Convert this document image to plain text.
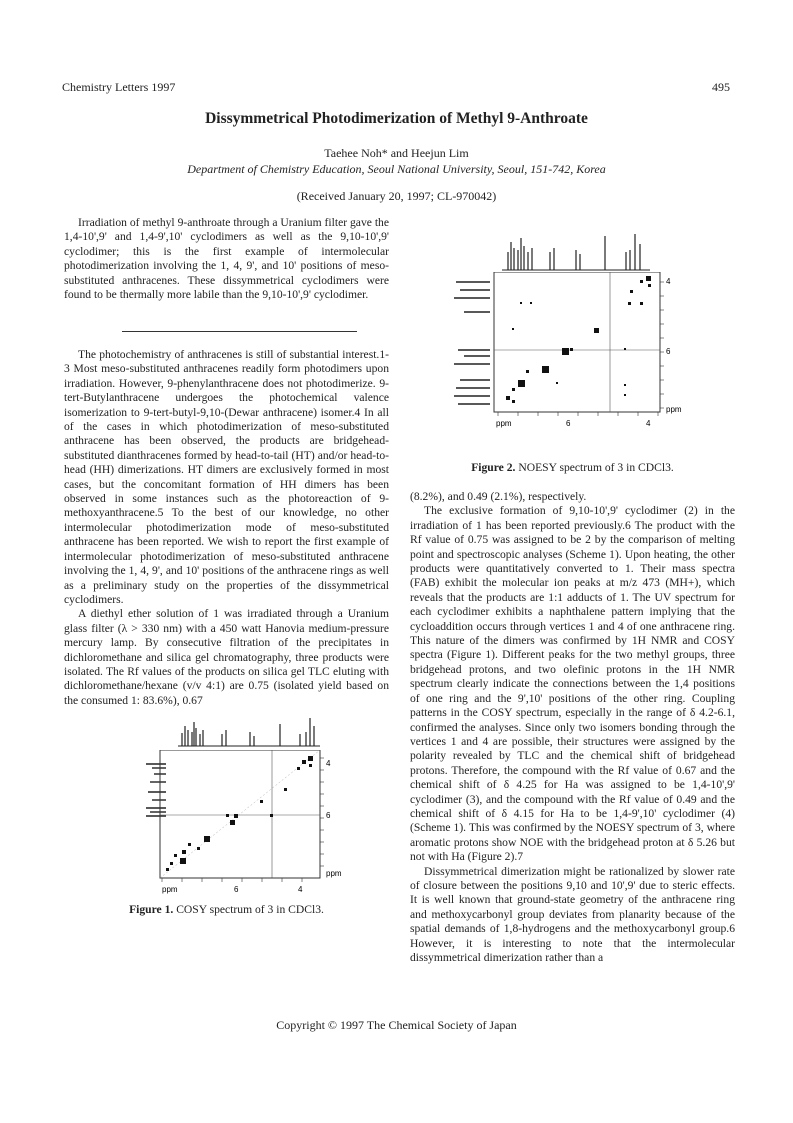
Chemistry Letters 1997	495
Dissymmetrical Photodimerization of Methyl 9-Anthroate
Taehee Noh* and Heejun Lim
Department of Chemistry Education, Seoul National University, Seoul, 151-742, Korea
(Received January 20, 1997; CL-970042)

Irradiation of methyl 9-anthroate through a Uranium filter gave the 1,4-10',9' and 1,4-9',10' cyclodimers as well as the 9,10-10',9' cyclodimer; this is the first example of intermolecular photodimerization involving the 1, 4, 9', and 10' positions of meso-substituted anthracenes. These dissymmetrical cyclodimers were found to be thermally more labile than the 9,10-10',9' cyclodimer.

The photochemistry of anthracenes is still of substantial interest.1-3 Most meso-substituted anthracenes readily form photodimers upon irradiation. However, 9-phenylanthracene does not photodimerize. 9-tert-Butylanthracene undergoes the photochemical valence isomerization to 9-tert-butyl-9,10-(Dewar anthracene) isomer.4 In all of the cases in which photodimerization of meso-substituted anthracene has been observed, the products are bridgehead-substituted dianthracenes formed by head-to-tail (HT) and/or head-to-head (HH) dimerizations. HT dimers are exclusively formed in most cases, but the concomitant formation of HH dimers has been observed in some instances such as the photoreaction of 9-methoxyanthracene.5 To the best of our knowledge, no other intermolecular photodimerization mode of meso-substituted anthracene has been reported. We wish to report the first example of intermolecular photodimerization of meso-substituted anthracene involving the 1, 4, 9', and 10' positions of the anthracene rings as well as a preliminary study on the properties of the dissymmetrical cyclodimers.

A diethyl ether solution of 1 was irradiated through a Uranium glass filter (λ > 330 nm) with a 450 watt Hanovia medium-pressure mercury lamp. By consecutive filtration of the precipitates in dichloromethane and silica gel chromatography, three products were isolated. The Rf values of the products on silica gel TLC eluting with dichloromethane/hexane (v/v 4:1) are 0.75 (isolated yield based on the consumed 1: 83.6%), 0.67

ppm	6	4
4
6
ppm
Figure 1. COSY spectrum of 3 in CDCl3.
ppm	6	4
4
6
ppm
Figure 2. NOESY spectrum of 3 in CDCl3.

(8.2%), and 0.49 (2.1%), respectively.

The exclusive formation of 9,10-10',9' cyclodimer (2) in the irradiation of 1 has been reported previously.6 The product with the Rf value of 0.75 was assigned to be 2 by the comparison of melting point and spectroscopic analyses (Scheme 1). Upon heating, the other products were quantitatively converted to 1. Their mass spectra (FAB) exhibit the molecular ion peaks at m/z 473 (MH+), which reveals that the products are 1:1 adducts of 1. The UV spectrum for each cyclodimer exhibits a naphthalene pattern implying that the cycloaddition occurs through vertices 1 and 4 of one anthracene ring. This nature of the dimers was confirmed by 1H NMR and COSY spectra (Figure 1). Different peaks for the two methyl groups, three bridgehead protons, and two olefinic protons in the 1H NMR spectrum clearly indicate the connections between the 1,4 positions of one ring and the 9',10' positions of the other ring. Coupling patterns in the COSY spectrum, especially in the range of δ 4.2-6.1, confirmed the analyses. Since only two isomers bonding through the vertices 1 and 4 are possible, their structures were assigned by the polarity revealed by TLC and the chemical shift of bridgehead protons. Therefore, the compound with the Rf value of 0.67 and the chemical shift of δ 4.25 for Ha was assigned to be 1,4-10',9' cyclodimer (3), and the compound with the Rf value of 0.49 and the chemical shift of δ 4.15 for Ha to be 1,4-9',10' cyclodimer (4) (Scheme 1). This was confirmed by the NOESY spectrum of 3, where aromatic protons show NOE with the bridgehead proton at δ 5.26 but not with Ha (Figure 2).7

Dissymmetrical dimerization might be rationalized by slower rate of closure between the positions 9,10 and 10',9' due to steric effects. It is well known that ground-state geometry of the anthracene ring and methoxycarbonyl group deviates from planarity because of the spatial demands of 1,8-hydrogens and the methoxycarbonyl group.6 However, it is interesting to note that the intermolecular dissymmetrical dimerization rather than a

Copyright © 1997 The Chemical Society of Japan
